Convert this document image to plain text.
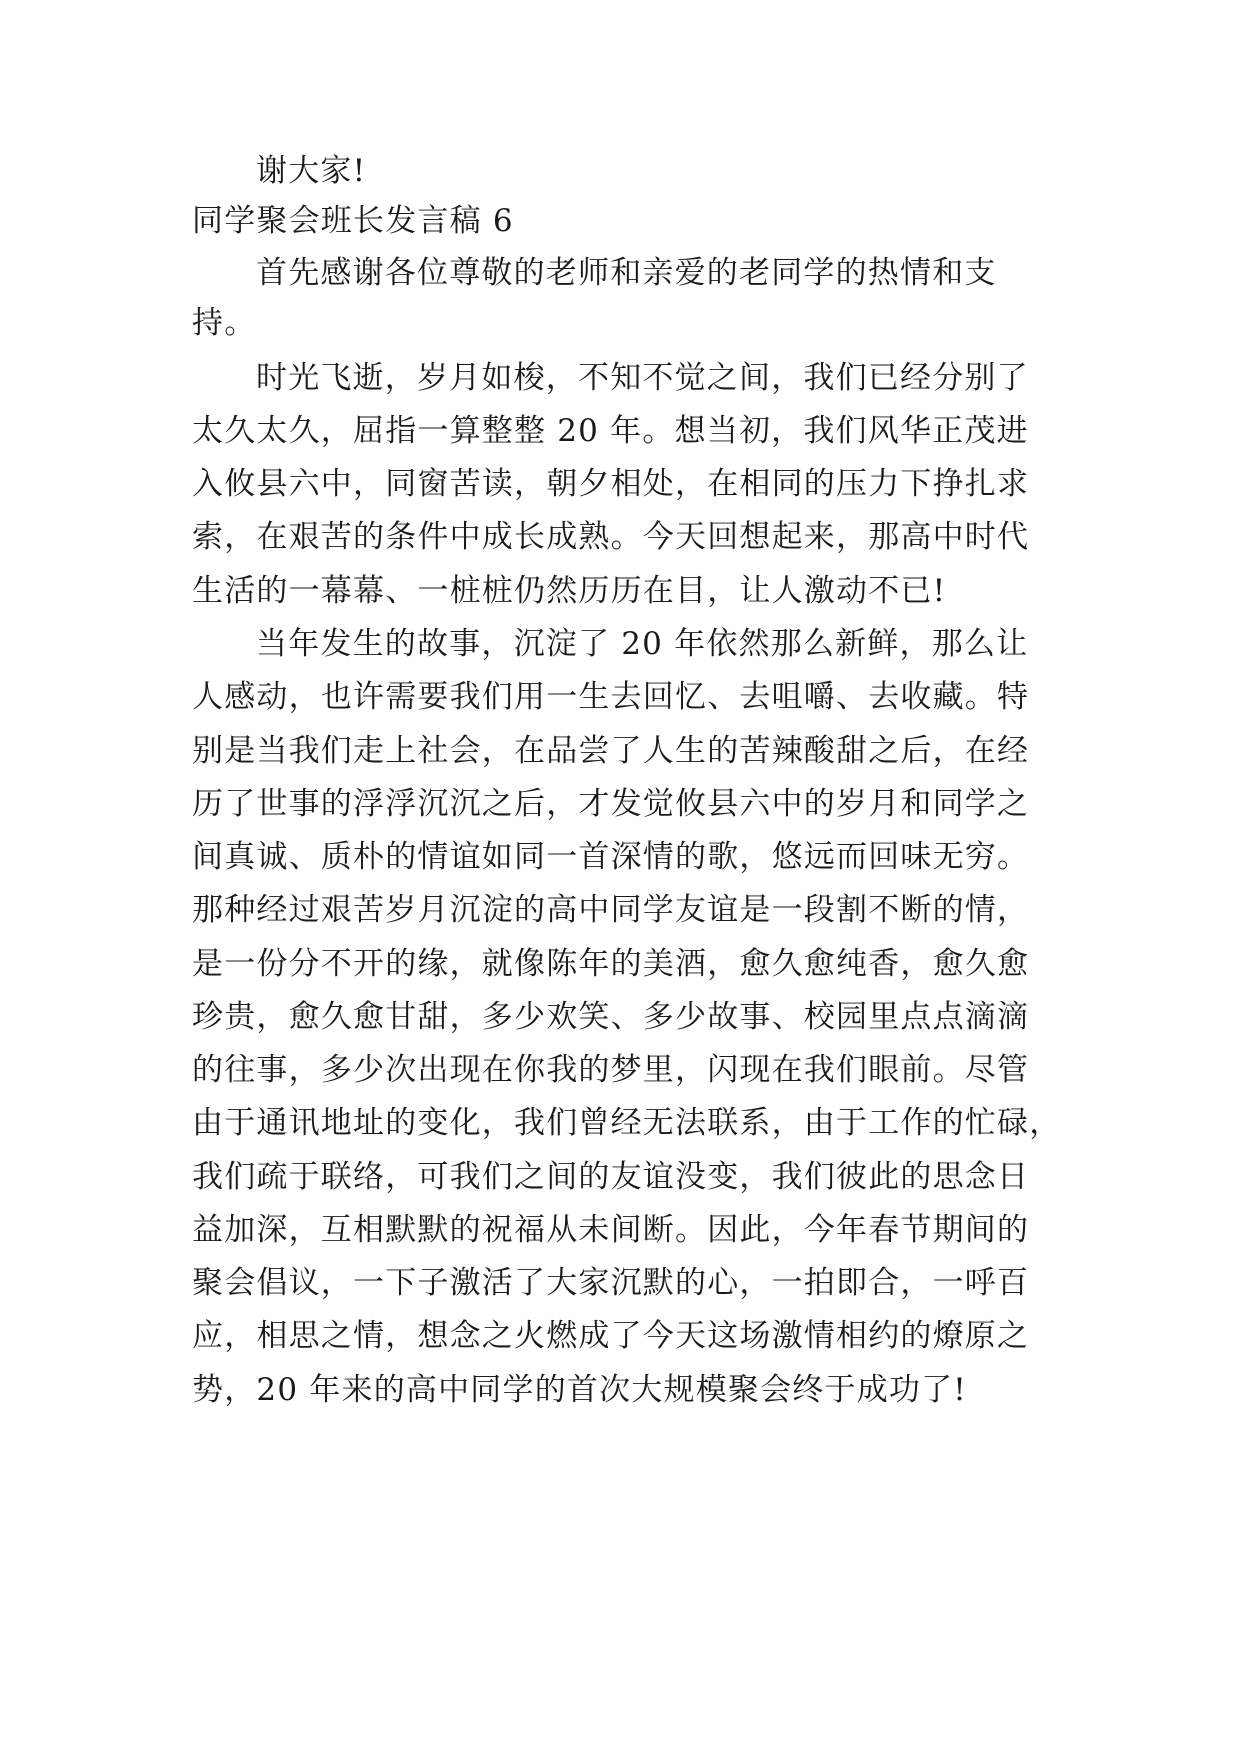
谢大家!

同学聚会班长发言稿 6

首先感谢各位尊敬的老师和亲爱的老同学的热情和支

持。

时光飞逝，岁月如梭，不知不觉之间，我们已经分别了

太久太久，屈指一算整整 20 年。想当初，我们风华正茂进

入攸县六中，同窗苦读，朝夕相处，在相同的压力下挣扎求

索，在艰苦的条件中成长成熟。今天回想起来，那高中时代

生活的一幕幕、一桩桩仍然历历在目，让人激动不已!

当年发生的故事，沉淀了 20 年依然那么新鲜，那么让

人感动，也许需要我们用一生去回忆、去咀嚼、去收藏。特

别是当我们走上社会，在品尝了人生的苦辣酸甜之后，在经

历了世事的浮浮沉沉之后，才发觉攸县六中的岁月和同学之

间真诚、质朴的情谊如同一首深情的歌，悠远而回味无穷。

那种经过艰苦岁月沉淀的高中同学友谊是一段割不断的情，

是一份分不开的缘，就像陈年的美酒，愈久愈纯香，愈久愈

珍贵，愈久愈甘甜，多少欢笑、多少故事、校园里点点滴滴

的往事，多少次出现在你我的梦里，闪现在我们眼前。尽管

由于通讯地址的变化，我们曾经无法联系，由于工作的忙碌，

我们疏于联络，可我们之间的友谊没变，我们彼此的思念日

益加深，互相默默的祝福从未间断。因此，今年春节期间的

聚会倡议，一下子激活了大家沉默的心，一拍即合，一呼百

应，相思之情，想念之火燃成了今天这场激情相约的燎原之

势，20 年来的高中同学的首次大规模聚会终于成功了!
